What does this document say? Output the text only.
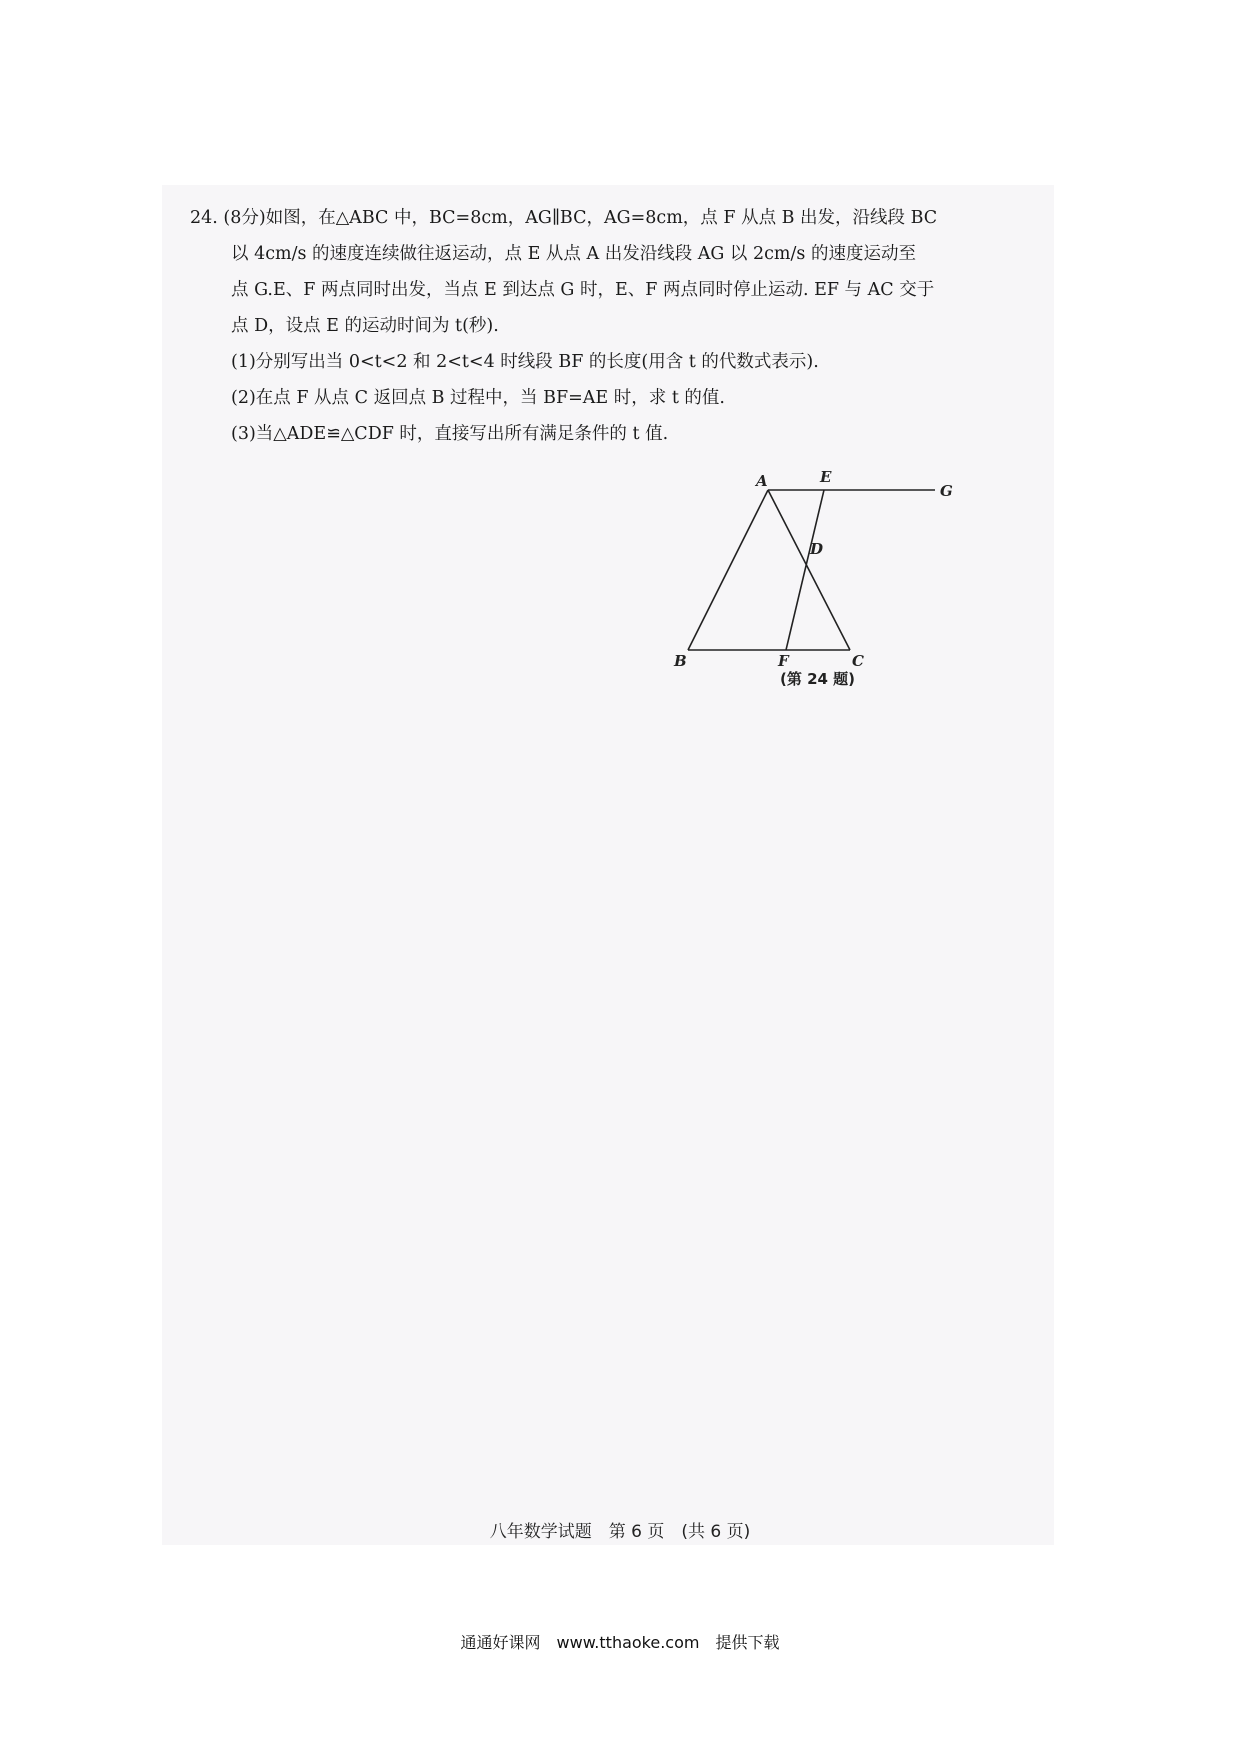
24. (8分)如图，在△ABC 中，BC=8cm，AG∥BC，AG=8cm，点 F 从点 B 出发，沿线段 BC
以 4cm/s 的速度连续做往返运动，点 E 从点 A 出发沿线段 AG 以 2cm/s 的速度运动至
点 G.E、F 两点同时出发，当点 E 到达点 G 时，E、F 两点同时停止运动. EF 与 AC 交于
点 D，设点 E 的运动时间为 t(秒).

(1)分别写出当 0<t<2 和 2<t<4 时线段 BF 的长度(用含 t 的代数式表示).

(2)在点 F 从点 C 返回点 B 过程中，当 BF=AE 时，求 t 的值.

(3)当△ADE≌△CDF 时，直接写出所有满足条件的 t 值.

A	E
G
D
B	F	C
(第 24 题)
八年数学试题　第 6 页　(共 6 页)
通通好课网　www.tthaoke.com　提供下载
